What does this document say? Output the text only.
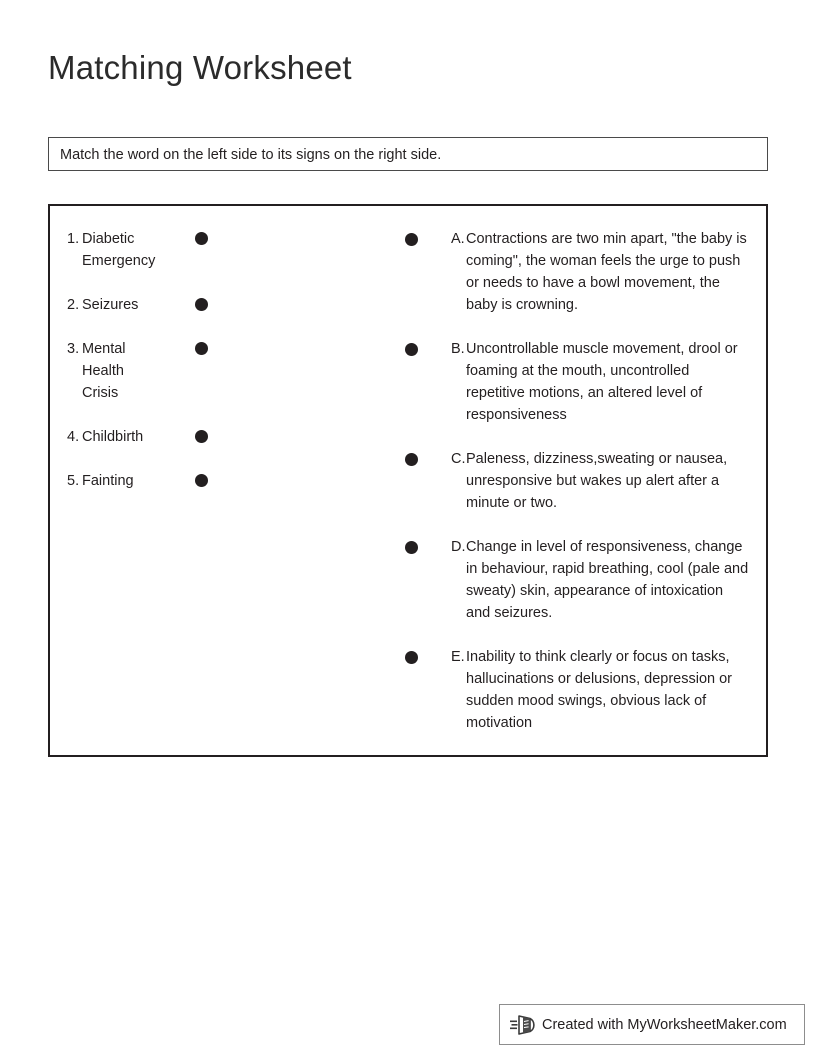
Matching Worksheet
Match the word on the left side to its signs on the right side.
1. Diabetic Emergency
2. Seizures
3. Mental Health Crisis
4. Childbirth
5. Fainting
A. Contractions are two min apart, "the baby is coming", the woman feels the urge to push or needs to have a bowl movement, the baby is crowning.
B. Uncontrollable muscle movement, drool or foaming at the mouth, uncontrolled repetitive motions, an altered level of responsiveness
C. Paleness, dizziness,sweating or nausea, unresponsive but wakes up alert after a minute or two.
D. Change in level of responsiveness, change in behaviour, rapid breathing, cool (pale and sweaty) skin, appearance of intoxication and seizures.
E. Inability to think clearly or focus on tasks, hallucinations or delusions, depression or sudden mood swings, obvious lack of motivation
Created with MyWorksheetMaker.com
